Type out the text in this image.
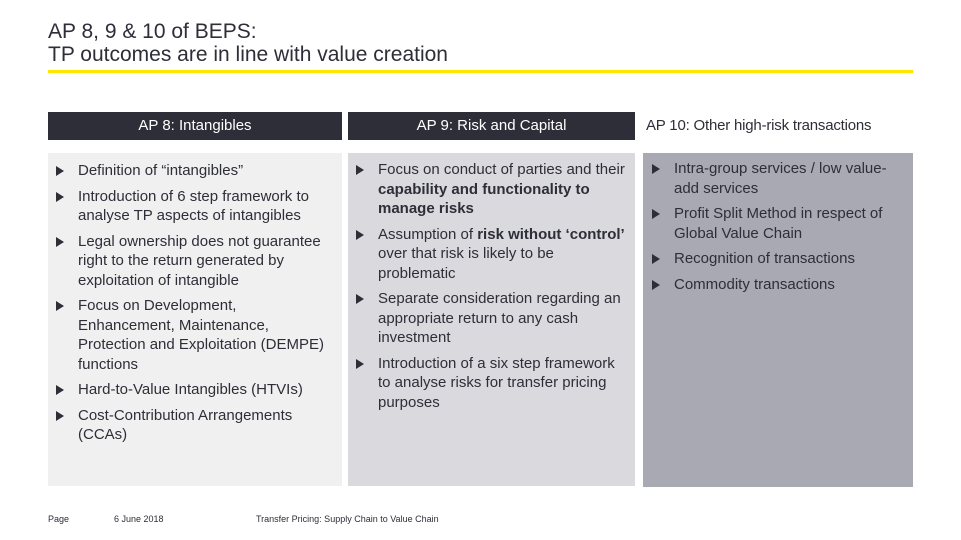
AP 8, 9 & 10 of BEPS:
TP outcomes are in line with value creation
AP 8: Intangibles
Definition of “intangibles”
Introduction of 6 step framework to analyse TP aspects of intangibles
Legal ownership does not guarantee right to the return generated by exploitation of intangible
Focus on Development, Enhancement, Maintenance, Protection and Exploitation (DEMPE) functions
Hard-to-Value Intangibles (HTVIs)
Cost-Contribution Arrangements (CCAs)
AP 9: Risk and Capital
Focus on conduct of parties and their capability and functionality to manage risks
Assumption of risk without ‘control’ over that risk is likely to be problematic
Separate consideration regarding an appropriate return to any cash investment
Introduction of a six step framework to analyse risks for transfer pricing purposes
AP 10: Other high-risk transactions
Intra-group services / low value-add services
Profit Split Method in respect of Global Value Chain
Recognition of transactions
Commodity transactions
Page	6 June 2018	Transfer Pricing: Supply Chain to Value Chain
